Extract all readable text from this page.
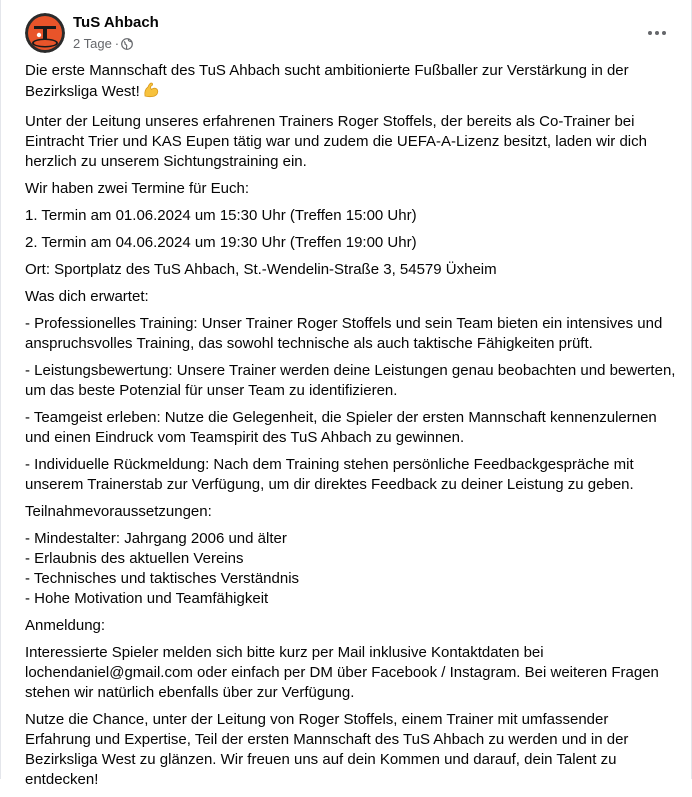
TuS Ahbach
2 Tage ·

Die erste Mannschaft des TuS Ahbach sucht ambitionierte Fußballer zur Verstärkung in der Bezirksliga West!

Unter der Leitung unseres erfahrenen Trainers Roger Stoffels, der bereits als Co-Trainer bei Eintracht Trier und KAS Eupen tätig war und zudem die UEFA-A-Lizenz besitzt, laden wir dich herzlich zu unserem Sichtungstraining ein.

Wir haben zwei Termine für Euch:

1. Termin am 01.06.2024 um 15:30 Uhr (Treffen 15:00 Uhr)

2. Termin am 04.06.2024 um 19:30 Uhr (Treffen 19:00 Uhr)

Ort: Sportplatz des TuS Ahbach, St.-Wendelin-Straße 3, 54579 Üxheim

Was dich erwartet:

- Professionelles Training: Unser Trainer Roger Stoffels und sein Team bieten ein intensives und anspruchsvolles Training, das sowohl technische als auch taktische Fähigkeiten prüft.

- Leistungsbewertung: Unsere Trainer werden deine Leistungen genau beobachten und bewerten, um das beste Potenzial für unser Team zu identifizieren.

- Teamgeist erleben: Nutze die Gelegenheit, die Spieler der ersten Mannschaft kennenzulernen und einen Eindruck vom Teamspirit des TuS Ahbach zu gewinnen.

- Individuelle Rückmeldung: Nach dem Training stehen persönliche Feedbackgespräche mit unserem Trainerstab zur Verfügung, um dir direktes Feedback zu deiner Leistung zu geben.

Teilnahmevoraussetzungen:

- Mindestalter: Jahrgang 2006 und älter
- Erlaubnis des aktuellen Vereins
- Technisches und taktisches Verständnis
- Hohe Motivation und Teamfähigkeit

Anmeldung:

Interessierte Spieler melden sich bitte kurz per Mail inklusive Kontaktdaten bei lochendaniel@gmail.com oder einfach per DM über Facebook / Instagram. Bei weiteren Fragen stehen wir natürlich ebenfalls über zur Verfügung.

Nutze die Chance, unter der Leitung von Roger Stoffels, einem Trainer mit umfassender Erfahrung und Expertise, Teil der ersten Mannschaft des TuS Ahbach zu werden und in der Bezirksliga West zu glänzen. Wir freuen uns auf dein Kommen und darauf, dein Talent zu entdecken!
